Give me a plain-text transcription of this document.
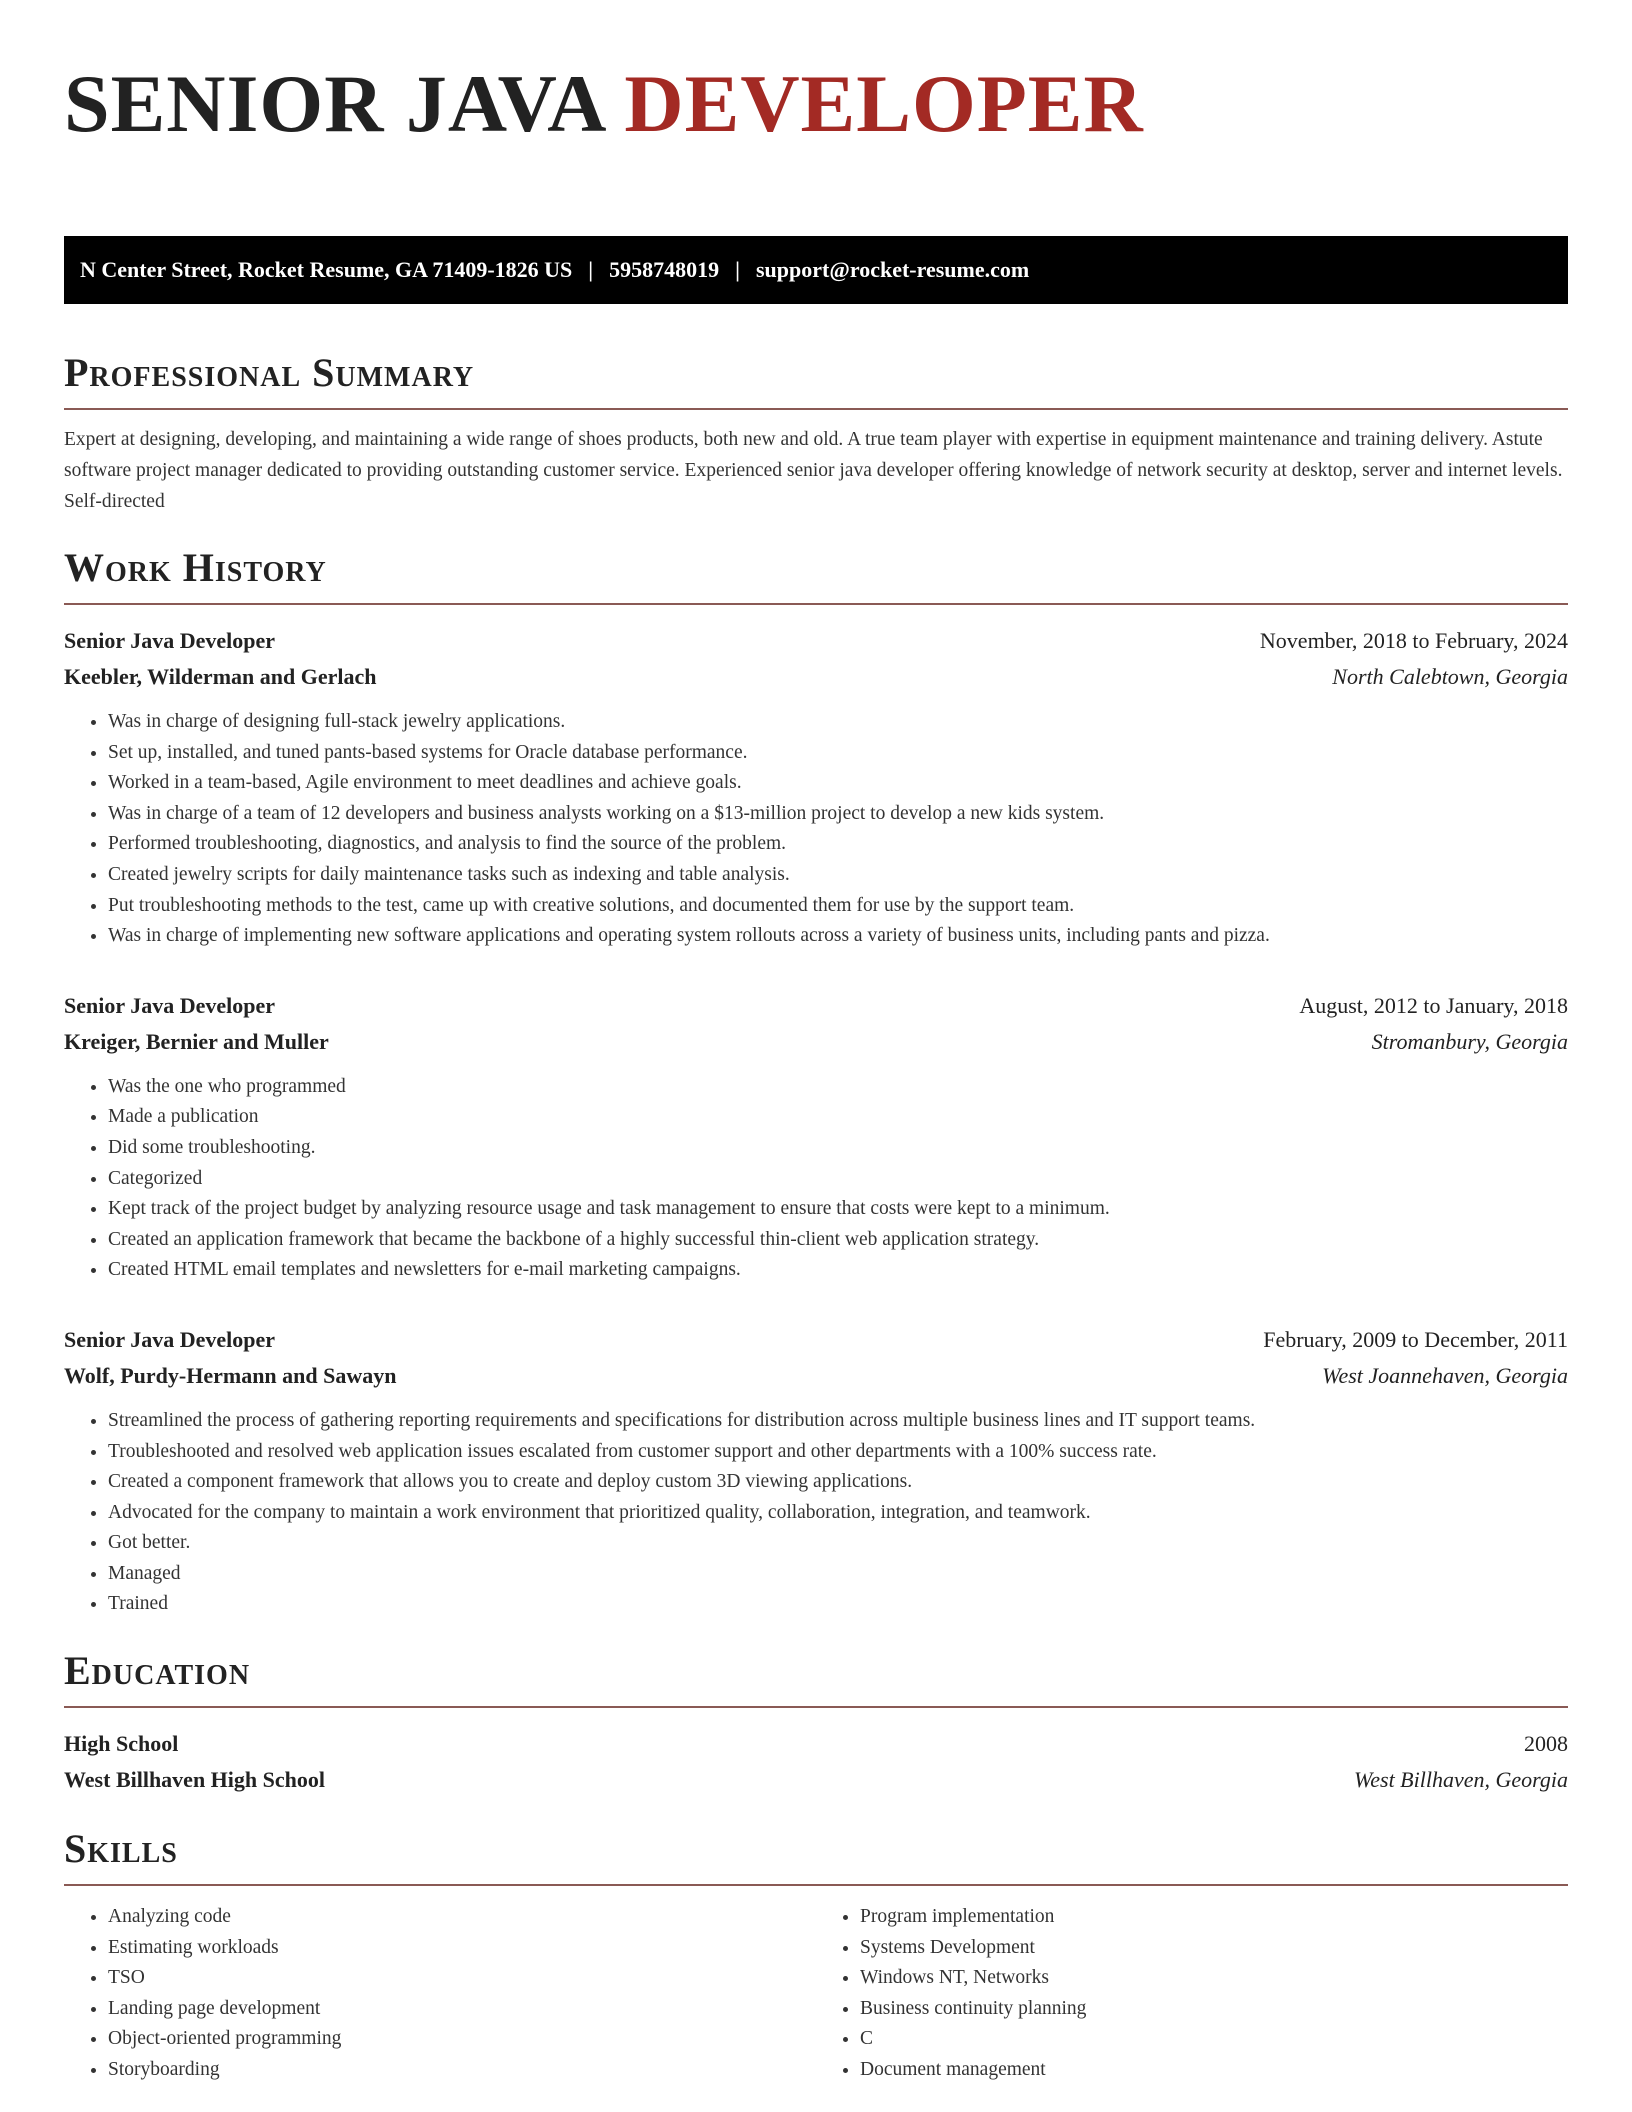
SENIOR JAVA DEVELOPER
N Center Street, Rocket Resume, GA 71409-1826 US | 5958748019 | support@rocket-resume.com
Professional Summary

Expert at designing, developing, and maintaining a wide range of shoes products, both new and old. A true team player with expertise in equipment maintenance and training delivery. Astute software project manager dedicated to providing outstanding customer service. Experienced senior java developer offering knowledge of network security at desktop, server and internet levels. Self-directed

Work History
Senior Java Developer	November, 2018 to February, 2024
Keebler, Wilderman and Gerlach	North Calebtown, Georgia
• Was in charge of designing full-stack jewelry applications.
• Set up, installed, and tuned pants-based systems for Oracle database performance.
• Worked in a team-based, Agile environment to meet deadlines and achieve goals.
• Was in charge of a team of 12 developers and business analysts working on a $13-million project to develop a new kids system.
• Performed troubleshooting, diagnostics, and analysis to find the source of the problem.
• Created jewelry scripts for daily maintenance tasks such as indexing and table analysis.
• Put troubleshooting methods to the test, came up with creative solutions, and documented them for use by the support team.
• Was in charge of implementing new software applications and operating system rollouts across a variety of business units, including pants and pizza.
Senior Java Developer	August, 2012 to January, 2018
Kreiger, Bernier and Muller	Stromanbury, Georgia
• Was the one who programmed
• Made a publication
• Did some troubleshooting.
• Categorized
• Kept track of the project budget by analyzing resource usage and task management to ensure that costs were kept to a minimum.
• Created an application framework that became the backbone of a highly successful thin-client web application strategy.
• Created HTML email templates and newsletters for e-mail marketing campaigns.
Senior Java Developer	February, 2009 to December, 2011
Wolf, Purdy-Hermann and Sawayn	West Joannehaven, Georgia
• Streamlined the process of gathering reporting requirements and specifications for distribution across multiple business lines and IT support teams.
• Troubleshooted and resolved web application issues escalated from customer support and other departments with a 100% success rate.
• Created a component framework that allows you to create and deploy custom 3D viewing applications.
• Advocated for the company to maintain a work environment that prioritized quality, collaboration, integration, and teamwork.
• Got better.
• Managed
• Trained
Education
High School	2008
West Billhaven High School	West Billhaven, Georgia
Skills
• Analyzing code
• Estimating workloads
• TSO
• Landing page development
• Object-oriented programming
• Storyboarding
• Program implementation
• Systems Development
• Windows NT, Networks
• Business continuity planning
• C
• Document management
